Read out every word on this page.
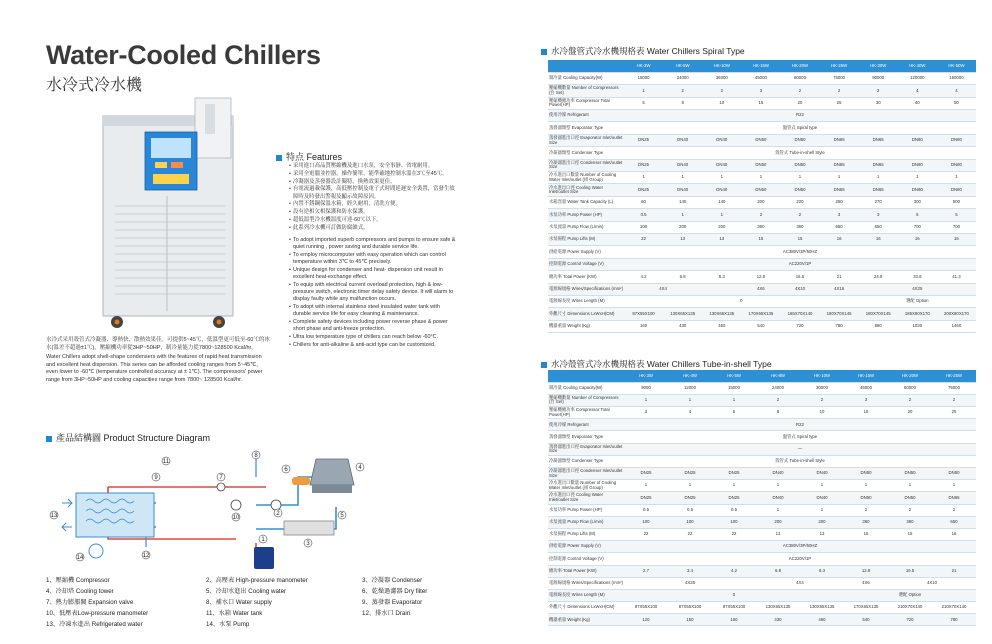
Water-Cooled Chillers
水冷式冷水機
特点 Features
• 采用進口高品質壓縮機及進口水泵，安全事靜、省電耐用。
• 采用全電腦並控器，操作簡單，能準確地控制水溫在3℃至45℃。
• 冷凝器及蒸發器設計獨特，換熱效果更佳。
• 有電流過載保護，高低壓控制及電子式時間延遲安全裝置，當發生故障時及時發出警報及顯示故障原因。
• 內置不銹鋼保溫水箱，經久耐用，清洗方便。
• 設有逆相欠相保護和防水保護。
• 超低溫型冷水機溫度可達-60℃以下。
• 此系列冷水機可訂做防腐蝕式。
• To adopt imported superb compressors and pumps to ensure safe & quiet running , power saving and durable service life.
• To employ microcomputer with easy operation which can control temperature within 3℃ to 45℃ precisely.
• Unique design for condenser and heat- dispersion unit result in excellent heat-exchange effect.
• To equip with electrical current overload protection, high & low-pressure switch, electronic timer delay safety device. It will alarm to display faulty while any malfunction occurs.
• To adopt with internal stainless steel insulated water tank with durable service life for easy cleaning & maintenance.
• Complete safety devices including power reverse phase & power short phase and anti-freeze protection.
• Ultra low temperature type of chillers can reach below -60°C.
• Chillers for anti-alkaline & anti-acid type can be customized.

水冷式采用殼管式冷凝器、導熱快、散熱效果佳。可提供5~45℃，低溫型更可低至-60℃的冰水(溫差不超過±1℃)，壓縮機功率從3HP~50HP，制冷量能力從7800~128500 Kcal/hr。

Water Chillers adopt shell-shape condensers with the features of rapid heat transmission and excellent heat dispersion. This series can be afforded cooling ranges from 5~45℃, even lower to -60℃ (temperature controlled accuracy at ± 1℃). The compressors' power range from 3HP~50HP and cooling capacities range from 7800~ 128500 Kcal/hr.

產品結構圖 Product Structure Diagram
1
2
3
4
5
6
7
8
9
10
11
12
13
14
1、壓縮機 Compressor	2、高壓表 High-pressure manometer	3、冷凝器 Condenser
4、冷却塔 Cooling tower	5、冷却水進出 Cooling water	6、乾燥過濾器 Dry filter
7、熱力膨脹閥 Expansion valve	8、補水口 Water supply	9、蒸發器 Evaporator
10、低壓表Low-pressure manometer	11、水箱 Water tank	12、排水口 Drain
13、冷凍水進出 Refrigerated water	14、水泵 Pump
水冷盤管式冷水機規格表 Water Chillers Spiral Type
	HK-3W	HK-5W	HK-10W	HK-15W	HK-20W	HK-25W	HK-30W	HK-40W	HK-50W
制冷量 Cooling Capacity(W)	15000	24000	36000	45000	60000	75000	90000	120000	150000
壓縮機數量 Number of Compressors (台 Set)	1	2	2	3	2	2	2	4	4
壓縮機總功率 Compressor Total Power(HP)	5	8	10	15	20	25	30	40	50
使用冷媒 Refrigerant	R22								
蒸發器類型 Evaporator Type	盤管式 Spiral type								
蒸發器進出口徑 Evaporator Inlet/outlet Size	DN25	DN40	DN40	DN50	DN50	DN65	DN65	DN80	DN80
冷凝器類型 Condenser Type	殼管式 Tube-in-shell Style								
冷凝器進出口徑 Condenser Inlet/outlet Size	DN25	DN40	DN40	DN50	DN50	DN65	DN65	DN80	DN80
冷水進出口數量 Number of Cooling Water Inlet/outlet (組 Group)	1	1	1	1	1	1	1	1	1
冷水進出口徑 Cooling Water Inlet/outlet Size	DN25	DN40	DN40	DN50	DN50	DN65	DN65	DN80	DN80
水箱容量 Water Tank Capacity (L)	60	140	140	200	220	250	270	300	500
水泵功率 Pump Power (HP)	0.5	1	1	2	2	3	3	5	5
水泵流量 Pump Flow (L/min)	100	200	200	360	360	650	650	700	700
水泵揚程 Pump Lifts (M)	22	13	13	15	15	16	16	16	16
供給電源 Power Supply (V)	AC380V/3P/50HZ								
控制電源 Control Voltage (V)	AC220V/1P								
總功率 Total Power (KW)	4.2	6.8	8.3	12.8	16.5	21	24.8	33.8	41.3
電源線規格 Wires/Specifications (mm²)	4X4			4X6	4X10	4X16	4X25		
電源線長度 Wires Length (M)	0						選配 Option		
外觀尺寸 Dimensions LxWxH(CM)	87X55X100	130X65X135	130X65X135	170X65X135	165X70X140	180X70X145	180X70X145	185X80X170	200X80X170
機器重量 Weight (Kg)	160	430	460	540	720	780	880	1030	1460
水冷殼管式冷水機規格表 Water Chillers Tube-in-shell Type
	HK-3W	HK-4W	HK-5W	HK-8W	HK-10W	HK-15W	HK-20W	HK-25W
制冷量 Cooling Capacity(W)	9000	12000	15000	24000	30000	45000	60000	75000
壓縮機數量 Number of Compressors (台 Set)	1	1	1	2	2	3	2	2
壓縮機總功率 Compressor Total Power(HP)	3	4	5	8	10	15	20	25
使用冷媒 Refrigerant	R22							
蒸發器類型 Evaporator Type	盤管式 Spiral type							
蒸發器進出口徑 Evaporator Inlet/outlet Size	—							
冷凝器類型 Condenser Type	殼管式 Tube-in-shell Style							
冷凝器進出口徑 Condenser Inlet/outlet Size	DN25	DN25	DN25	DN40	DN40	DN50	DN50	DN50
冷水進出口數量 Number of Cooling Water Inlet/outlet (組 Group)	1	1	1	1	1	1	1	1
冷水進出口徑 Cooling Water Inlet/outlet Size	DN25	DN25	DN25	DN40	DN40	DN50	DN50	DN65
水泵功率 Pump Power (HP)	0.5	0.5	0.5	1	1	2	2	2
水泵流量 Pump Flow (L/min)	100	100	100	200	200	360	360	650
水泵揚程 Pump Lifts (M)	22	22	22	13	13	15	15	16
供給電源 Power Supply (V)	AC380V/3P/50HZ							
控制電源 Control Voltage (V)	AC220V/1P							
總功率 Total Power (KW)	2.7	3.4	4.2	6.8	8.3	12.8	16.5	21
電源線規格 Wires/Specifications (mm²)	4X25			4X4		4X6	4X10	
電源線長度 Wires Length (M)	0					選配 Option		
外觀尺寸 Dimensions LxWxH(CM)	87X55X100	87X55X100	87X55X100	130X65X135	130X65X135	170X65X135	210X70X140	210X70X140
機器重量 Weight (Kg)	120	150	160	430	460	540	720	780
